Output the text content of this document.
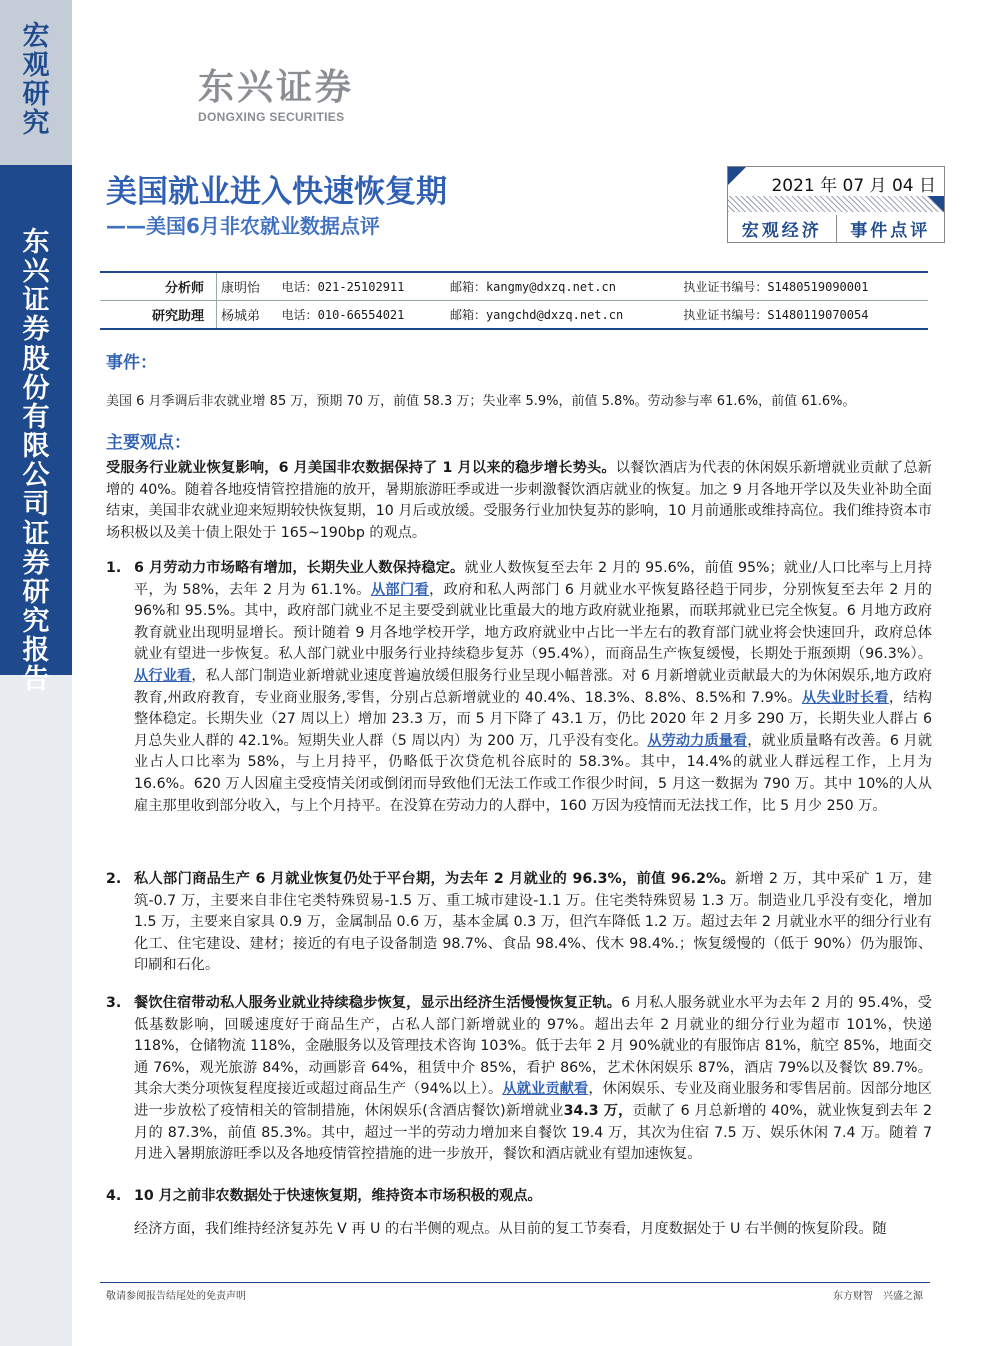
宏
观
研
究
东
兴
证
券
股
份
有
限
公
司
证
券
研
究
报
告
东兴证券
DONGXING SECURITIES
美国就业进入快速恢复期
——美国6月非农就业数据点评
2021 年 07 月 04 日
宏观经济	事件点评
分析师	康明怡	电话：021-25102911	邮箱：kangmy@dxzq.net.cn	执业证书编号：S1480519090001
研究助理	杨城弟	电话：010-66554021	邮箱：yangchd@dxzq.net.cn	执业证书编号：S1480119070054
事件：
美国 6 月季调后非农就业增 85 万，预期 70 万，前值 58.3 万；失业率 5.9%，前值 5.8%。劳动参与率 61.6%，前值 61.6%。
主要观点：
受服务行业就业恢复影响，6 月美国非农数据保持了 1 月以来的稳步增长势头。以餐饮酒店为代表的休闲娱乐新增就业贡献了总新增的 40%。随着各地疫情管控措施的放开，暑期旅游旺季或进一步刺激餐饮酒店就业的恢复。加之 9 月各地开学以及失业补助全面结束，美国非农就业迎来短期较快恢复期，10 月后或放缓。受服务行业加快复苏的影响，10 月前通胀或维持高位。我们维持资本市场积极以及美十债上限处于 165~190bp 的观点。
1. 6 月劳动力市场略有增加，长期失业人数保持稳定。就业人数恢复至去年 2 月的 95.6%，前值 95%；就业/人口比率与上月持平，为 58%，去年 2 月为 61.1%。从部门看，政府和私人两部门 6 月就业水平恢复路径趋于同步，分别恢复至去年 2 月的 96%和 95.5%。其中，政府部门就业不足主要受到就业比重最大的地方政府就业拖累，而联邦就业已完全恢复。6 月地方政府教育就业出现明显增长。预计随着 9 月各地学校开学，地方政府就业中占比一半左右的教育部门就业将会快速回升，政府总体就业有望进一步恢复。私人部门就业中服务行业持续稳步复苏（95.4%），而商品生产恢复缓慢，长期处于瓶颈期（96.3%）。从行业看，私人部门制造业新增就业速度普遍放缓但服务行业呈现小幅普涨。对 6 月新增就业贡献最大的为休闲娱乐,地方政府教育,州政府教育，专业商业服务,零售，分别占总新增就业的 40.4%、18.3%、8.8%、8.5%和 7.9%。从失业时长看，结构整体稳定。长期失业（27 周以上）增加 23.3 万，而 5 月下降了 43.1 万，仍比 2020 年 2 月多 290 万，长期失业人群占 6 月总失业人群的 42.1%。短期失业人群（5 周以内）为 200 万，几乎没有变化。从劳动力质量看，就业质量略有改善。6 月就业占人口比率为 58%，与上月持平，仍略低于次贷危机谷底时的 58.3%。其中，14.4%的就业人群远程工作，上月为 16.6%。620 万人因雇主受疫情关闭或倒闭而导致他们无法工作或工作很少时间，5 月这一数据为 790 万。其中 10%的人从雇主那里收到部分收入，与上个月持平。在没算在劳动力的人群中，160 万因为疫情而无法找工作，比 5 月少 250 万。
2. 私人部门商品生产 6 月就业恢复仍处于平台期，为去年 2 月就业的 96.3%，前值 96.2%。新增 2 万，其中采矿 1 万，建筑-0.7 万，主要来自非住宅类特殊贸易-1.5 万、重工城市建设-1.1 万。住宅类特殊贸易 1.3 万。制造业几乎没有变化，增加 1.5 万，主要来自家具 0.9 万，金属制品 0.6 万，基本金属 0.3 万，但汽车降低 1.2 万。超过去年 2 月就业水平的细分行业有化工、住宅建设、建材；接近的有电子设备制造 98.7%、食品 98.4%、伐木 98.4%.；恢复缓慢的（低于 90%）仍为服饰、印刷和石化。
3. 餐饮住宿带动私人服务业就业持续稳步恢复，显示出经济生活慢慢恢复正轨。6 月私人服务就业水平为去年 2 月的 95.4%，受低基数影响，回暖速度好于商品生产，占私人部门新增就业的 97%。超出去年 2 月就业的细分行业为超市 101%，快递 118%，仓储物流 118%，金融服务以及管理技术咨询 103%。低于去年 2 月 90%就业的有服饰店 81%，航空 85%，地面交通 76%，观光旅游 84%，动画影音 64%，租赁中介 85%，看护 86%，艺术休闲娱乐 87%，酒店 79%以及餐饮 89.7%。其余大类分项恢复程度接近或超过商品生产（94%以上）。从就业贡献看，休闲娱乐、专业及商业服务和零售居前。因部分地区进一步放松了疫情相关的管制措施，休闲娱乐(含酒店餐饮)新增就业34.3 万，贡献了 6 月总新增的 40%，就业恢复到去年 2 月的 87.3%，前值 85.3%。其中，超过一半的劳动力增加来自餐饮 19.4 万，其次为住宿 7.5 万、娱乐休闲 7.4 万。随着 7 月进入暑期旅游旺季以及各地疫情管控措施的进一步放开，餐饮和酒店就业有望加速恢复。
4. 10 月之前非农数据处于快速恢复期，维持资本市场积极的观点。
经济方面，我们维持经济复苏先 V 再 U 的右半侧的观点。从目前的复工节奏看，月度数据处于 U 右半侧的恢复阶段。随
敬请参阅报告结尾处的免责声明	东方财智　兴盛之源
